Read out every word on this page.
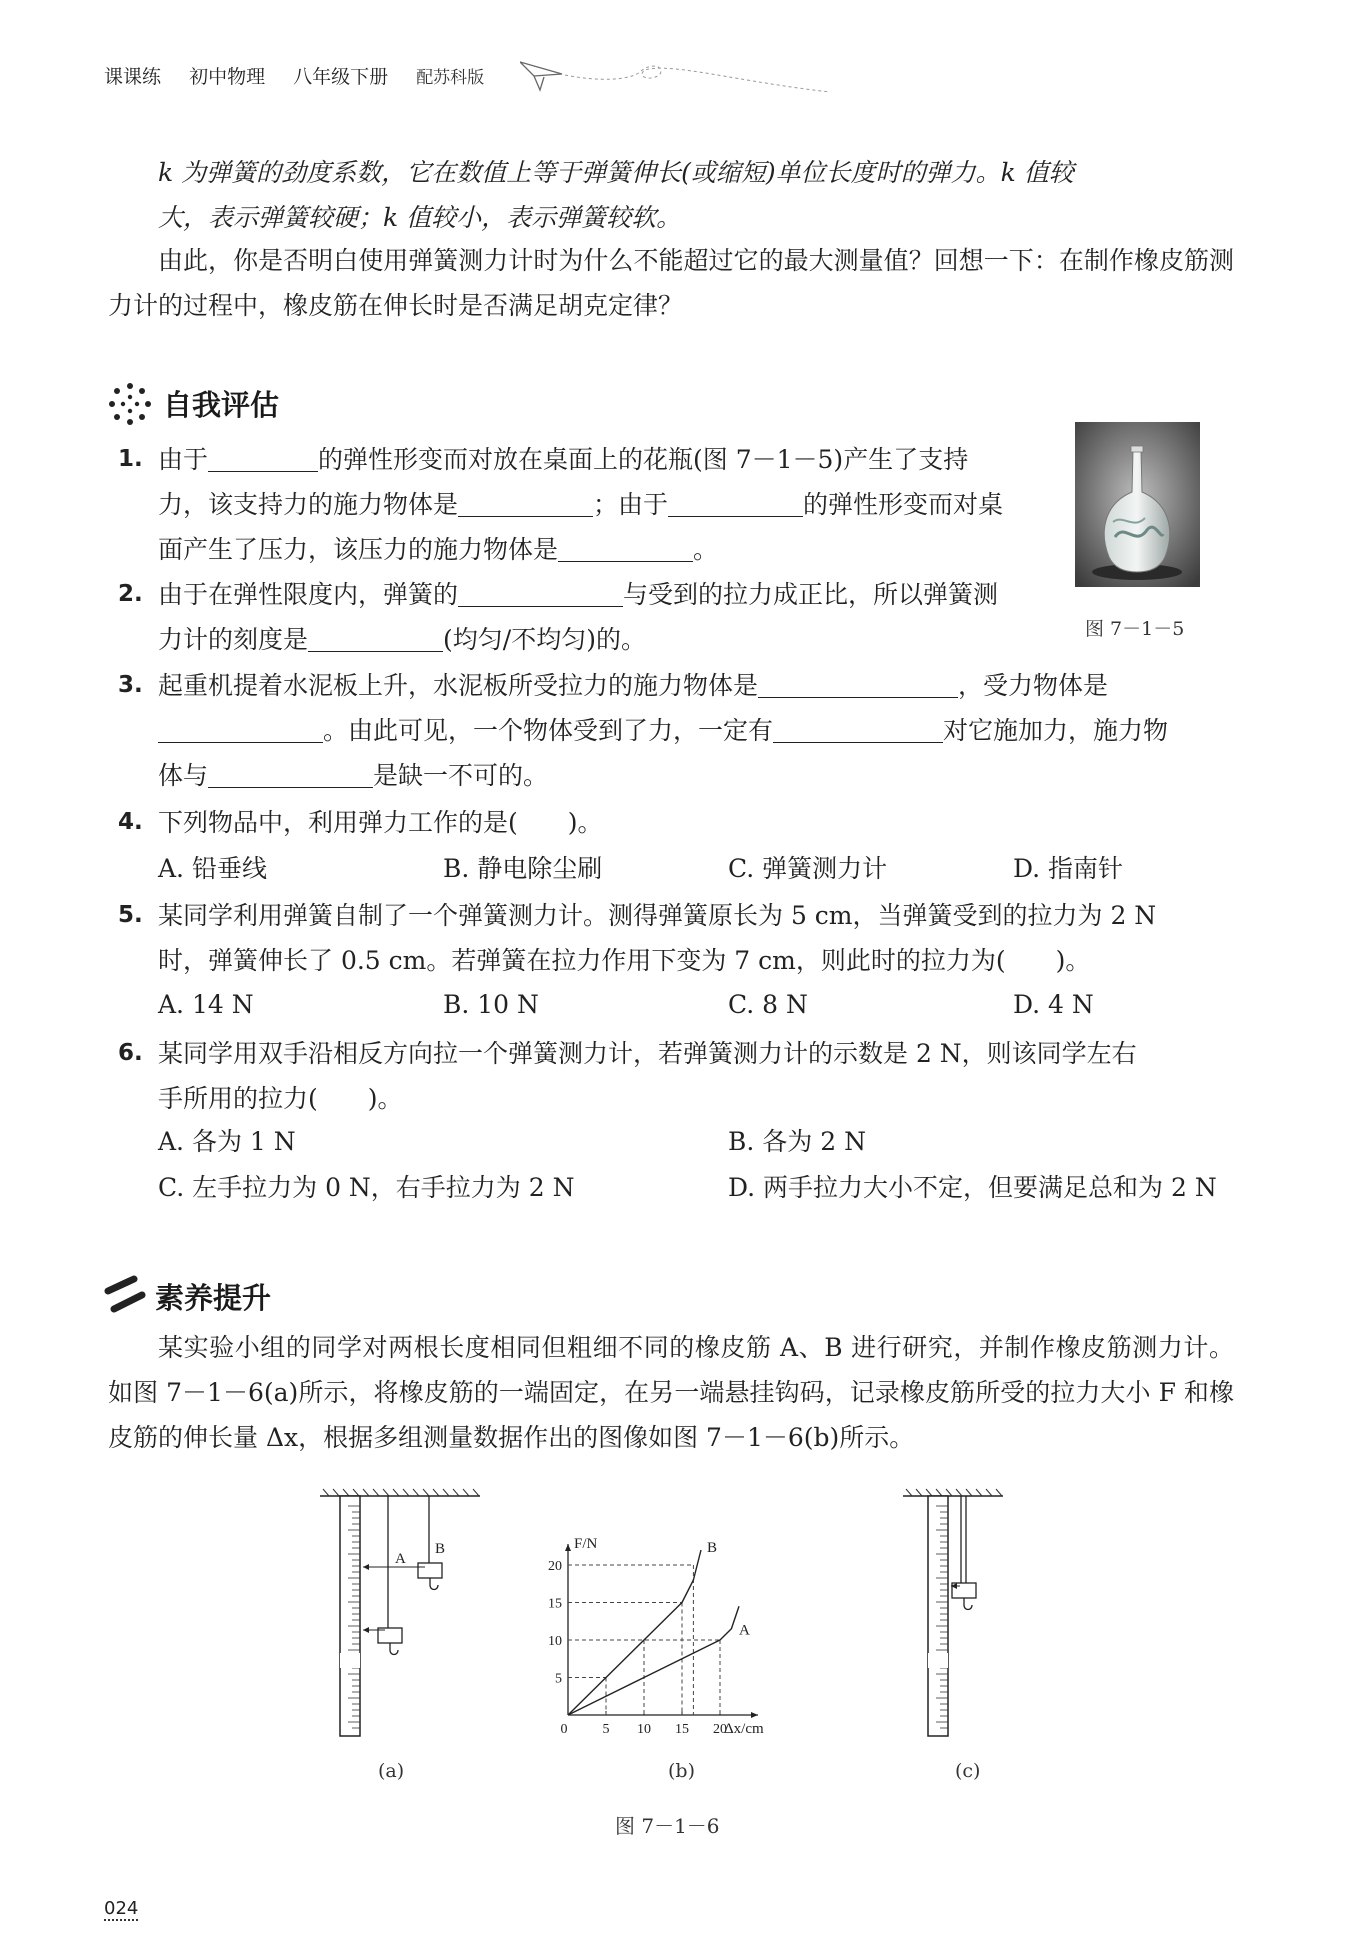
课课练 初中物理 八年级下册 配苏科版
k 为弹簧的劲度系数，它在数值上等于弹簧伸长(或缩短)单位长度时的弹力。k 值较
大，表示弹簧较硬；k 值较小，表示弹簧较软。
由此，你是否明白使用弹簧测力计时为什么不能超过它的最大测量值？回想一下：在制作橡皮筋测力计的过程中，橡皮筋在伸长时是否满足胡克定律？
自我评估
图 7－1－5
1. 由于	的弹性形变而对放在桌面上的花瓶(图 7－1－5)产生了支持
力，该支持力的施力物体是	；由于	的弹性形变而对桌
面产生了压力，该压力的施力物体是	。
2. 由于在弹性限度内，弹簧的	与受到的拉力成正比，所以弹簧测
力计的刻度是	(均匀/不均匀)的。
3. 起重机提着水泥板上升，水泥板所受拉力的施力物体是	，受力物体是
。由此可见，一个物体受到了力，一定有	对它施加力，施力物
体与	是缺一不可的。
4. 下列物品中，利用弹力工作的是(　　)。
A. 铅垂线	B. 静电除尘刷	C. 弹簧测力计	D. 指南针
5. 某同学利用弹簧自制了一个弹簧测力计。测得弹簧原长为 5 cm，当弹簧受到的拉力为 2 N
时，弹簧伸长了 0.5 cm。若弹簧在拉力作用下变为 7 cm，则此时的拉力为(　　)。
A. 14 N	B. 10 N	C. 8 N	D. 4 N
6. 某同学用双手沿相反方向拉一个弹簧测力计，若弹簧测力计的示数是 2 N，则该同学左右
手所用的拉力(　　)。
A. 各为 1 N	B. 各为 2 N
C. 左手拉力为 0 N，右手拉力为 2 N	D. 两手拉力大小不定，但要满足总和为 2 N
素养提升
某实验小组的同学对两根长度相同但粗细不同的橡皮筋 A、B 进行研究，并制作橡皮筋测力计。如图 7－1－6(a)所示，将橡皮筋的一端固定，在另一端悬挂钩码，记录橡皮筋所受的拉力大小 F 和橡皮筋的伸长量 Δx，根据多组测量数据作出的图像如图 7－1－6(b)所示。
A
B
(a)
F/N
Δx/cm
0	5 10 15 20
5
10
15
20
A
B
(b)	(c)
图 7－1－6
024
